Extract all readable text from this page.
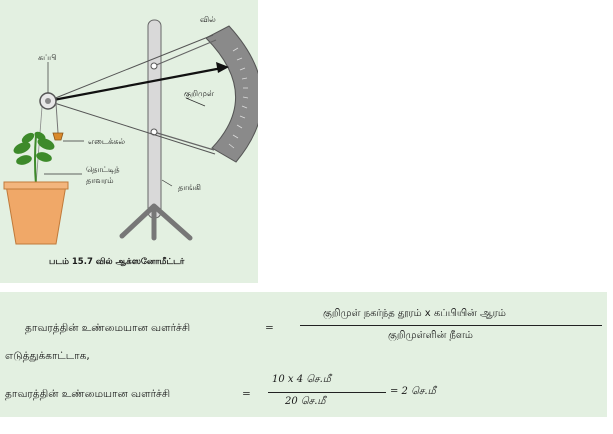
கப்பி
வில்
குறிமுள்
எடைக்கல்
தொட்டித் தாவரம்
தாங்கி
படம் 15.7 வில் ஆக்ஸனோமீட்டர்
தாவரத்தின் உண்மையான வளர்ச்சி	=
குறிமுள் நகர்ந்த தூரம் x கப்பியின் ஆரம்
குறிமுள்ளின் நீளம்
எடுத்துக்காட்டாக,
தாவரத்தின் உண்மையான வளர்ச்சி	=
10 x 4 செ.மீ
20 செ.மீ
= 2 செ.மீ
